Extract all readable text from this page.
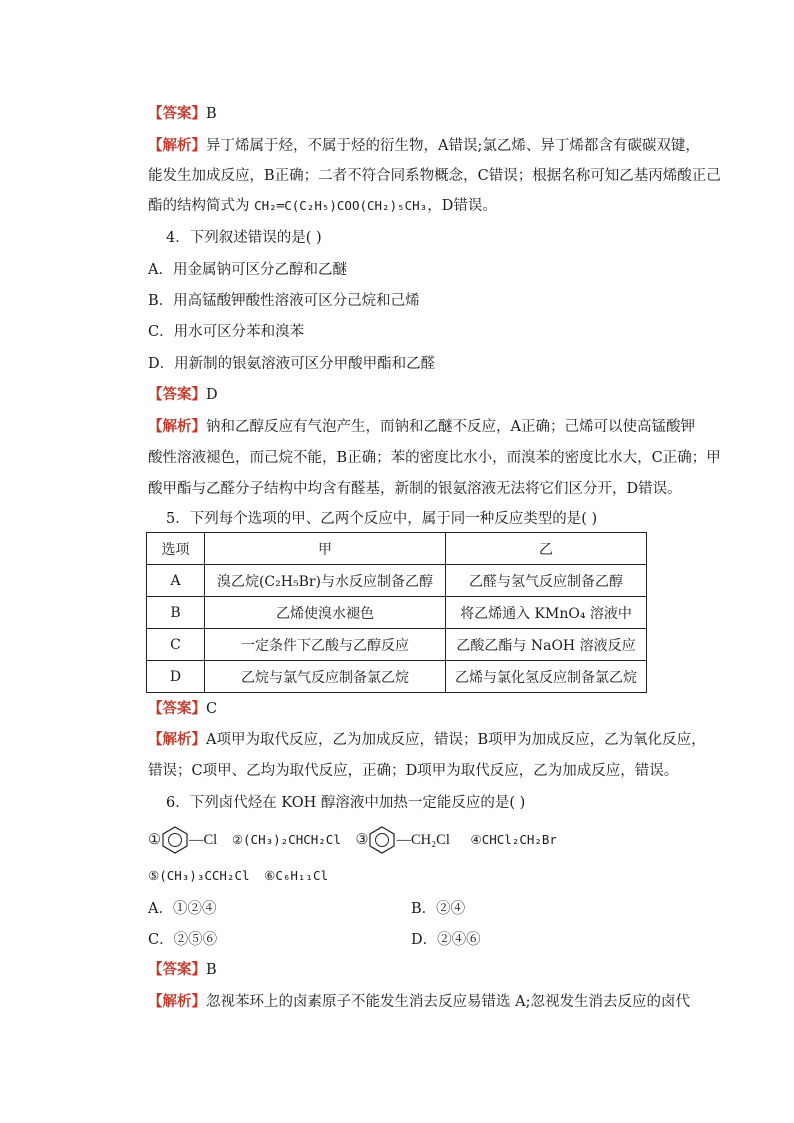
【答案】B
【解析】异丁烯属于烃，不属于烃的衍生物，A错误;氯乙烯、异丁烯都含有碳碳双键，
能发生加成反应，B正确；二者不符合同系物概念，C错误；根据名称可知乙基丙烯酸正己
酯的结构简式为 CH₂═C(C₂H₅)COO(CH₂)₅CH₃，D错误。
4．下列叙述错误的是( )
A．用金属钠可区分乙醇和乙醚
B．用高锰酸钾酸性溶液可区分己烷和己烯
C．用水可区分苯和溴苯
D．用新制的银氨溶液可区分甲酸甲酯和乙醛
【答案】D
【解析】钠和乙醇反应有气泡产生，而钠和乙醚不反应，A正确；己烯可以使高锰酸钾
酸性溶液褪色，而己烷不能，B正确；苯的密度比水小，而溴苯的密度比水大，C正确；甲
酸甲酯与乙醛分子结构中均含有醛基，新制的银氨溶液无法将它们区分开，D错误。
5．下列每个选项的甲、乙两个反应中，属于同一种反应类型的是( )
选项	甲	乙
A	溴乙烷(C₂H₅Br)与水反应制备乙醇	乙醛与氢气反应制备乙醇
B	乙烯使溴水褪色	将乙烯通入 KMnO₄ 溶液中
C	一定条件下乙酸与乙醇反应	乙酸乙酯与 NaOH 溶液反应
D	乙烷与氯气反应制备氯乙烷	乙烯与氯化氢反应制备氯乙烷
【答案】C
【解析】A项甲为取代反应，乙为加成反应，错误；B项甲为加成反应，乙为氧化反应，
错误；C项甲、乙均为取代反应，正确；D项甲为取代反应，乙为加成反应，错误。
6．下列卤代烃在 KOH 醇溶液中加热一定能反应的是( )
① —Cl ②(CH₃)₂CHCH₂Cl ③ —CH₂Cl ④CHCl₂CH₂Br
⑤(CH₃)₃CCH₂Cl ⑥C₆H₁₁Cl
A．①②④	B．②④
C．②⑤⑥	D．②④⑥
【答案】B
【解析】忽视苯环上的卤素原子不能发生消去反应易错选 A;忽视发生消去反应的卤代
